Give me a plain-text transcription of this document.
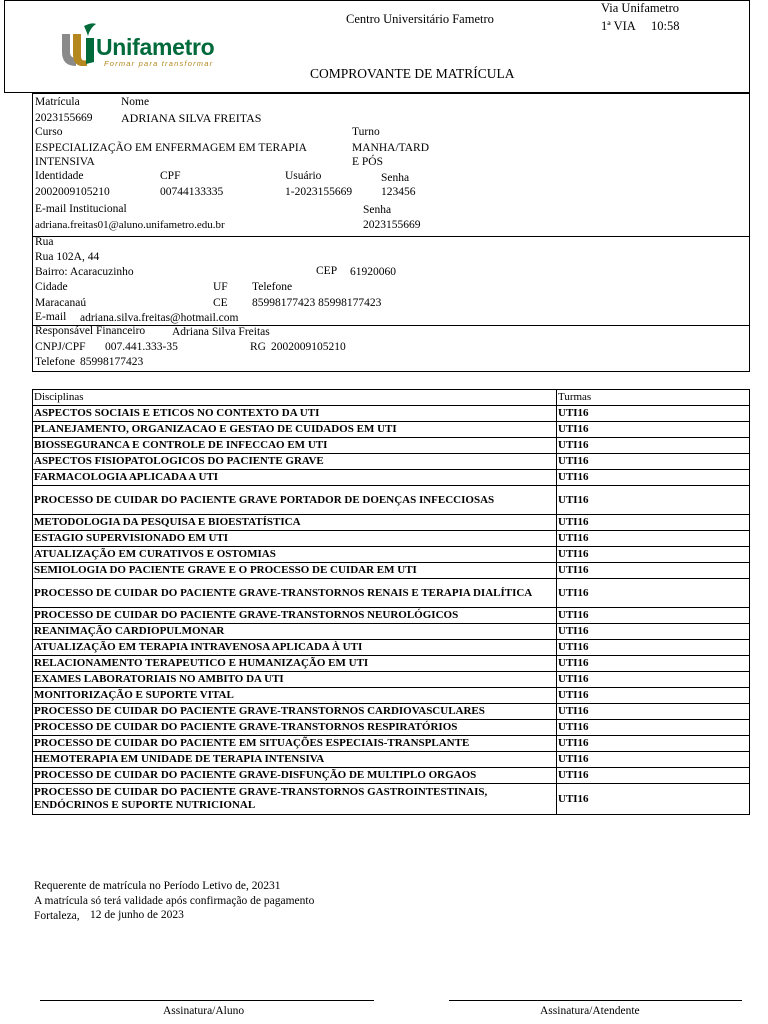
Unifametro
Formar para transformar
Centro Universitário Fametro
Via Unifametro
1ª VIA 10:58
COMPROVANTE DE MATRÍCULA
Matrícula	Nome
2023155669 ADRIANA SILVA FREITAS
Curso	Turno
ESPECIALIZAÇÃO EM ENFERMAGEM EM TERAPIA	MANHA/TARD
INTENSIVA	E PÓS
Identidade	CPF	Usuário	Senha
2002009105210	00744133335	1-2023155669	123456
E-mail Institucional	Senha
adriana.freitas01@aluno.unifametro.edu.br	2023155669
Rua
Rua 102A, 44
Bairro: Acaracuzinho	CEP 61920060
Cidade	UF Telefone
Maracanaú	CE 85998177423 85998177423
E-mail adriana.silva.freitas@hotmail.com
Responsável Financeiro Adriana Silva Freitas
CNPJ/CPF 007.441.333-35	RG 2002009105210
Telefone 85998177423
Disciplinas	Turmas
ASPECTOS SOCIAIS E ETICOS NO CONTEXTO DA UTI	UTI16
PLANEJAMENTO, ORGANIZACAO E GESTAO DE CUIDADOS EM UTI	UTI16
BIOSSEGURANCA E CONTROLE DE INFECCAO EM UTI	UTI16
ASPECTOS FISIOPATOLOGICOS DO PACIENTE GRAVE	UTI16
FARMACOLOGIA APLICADA A UTI	UTI16
PROCESSO DE CUIDAR DO PACIENTE GRAVE PORTADOR DE DOENÇAS INFECCIOSAS	UTI16
METODOLOGIA DA PESQUISA E BIOESTATÍSTICA	UTI16
ESTAGIO SUPERVISIONADO EM UTI	UTI16
ATUALIZAÇÃO EM CURATIVOS E OSTOMIAS	UTI16
SEMIOLOGIA DO PACIENTE GRAVE E O PROCESSO DE CUIDAR EM UTI	UTI16
PROCESSO DE CUIDAR DO PACIENTE GRAVE-TRANSTORNOS RENAIS E TERAPIA DIALÍTICA	UTI16
PROCESSO DE CUIDAR DO PACIENTE GRAVE-TRANSTORNOS NEUROLÓGICOS	UTI16
REANIMAÇÃO CARDIOPULMONAR	UTI16
ATUALIZAÇÃO EM TERAPIA INTRAVENOSA APLICADA À UTI	UTI16
RELACIONAMENTO TERAPEUTICO E HUMANIZAÇÃO EM UTI	UTI16
EXAMES LABORATORIAIS NO AMBITO DA UTI	UTI16
MONITORIZAÇÃO E SUPORTE VITAL	UTI16
PROCESSO DE CUIDAR DO PACIENTE GRAVE-TRANSTORNOS CARDIOVASCULARES	UTI16
PROCESSO DE CUIDAR DO PACIENTE GRAVE-TRANSTORNOS RESPIRATÓRIOS	UTI16
PROCESSO DE CUIDAR DO PACIENTE EM SITUAÇÕES ESPECIAIS-TRANSPLANTE	UTI16
HEMOTERAPIA EM UNIDADE DE TERAPIA INTENSIVA	UTI16
PROCESSO DE CUIDAR DO PACIENTE GRAVE-DISFUNÇÃO DE MULTIPLO ORGAOS	UTI16
PROCESSO DE CUIDAR DO PACIENTE GRAVE-TRANSTORNOS GASTROINTESTINAIS, ENDÓCRINOS E SUPORTE NUTRICIONAL	UTI16
Requerente de matrícula no Período Letivo de, 20231
A matrícula só terá validade após confirmação de pagamento
Fortaleza, 12 de junho de 2023
Assinatura/Aluno	Assinatura/Atendente
